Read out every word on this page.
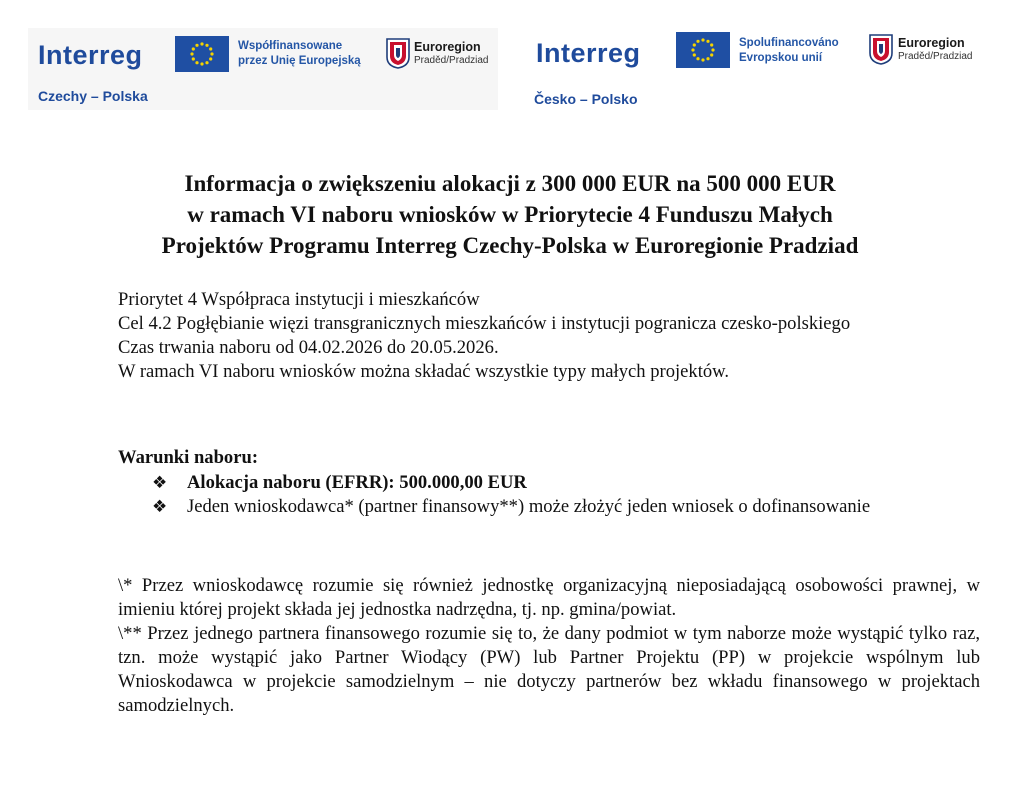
Interreg
Czechy – Polska
Współfinansowane
przez Unię Europejską
Euroregion
Praděd/Pradziad Interreg
Česko – Polsko
Spolufinancováno
Evropskou unií
Euroregion
Praděd/Pradziad
Informacja o zwiększeniu alokacji z 300 000 EUR na 500 000 EUR
w ramach VI naboru wniosków w Priorytecie 4 Funduszu Małych
Projektów Programu Interreg Czechy-Polska w Euroregionie Pradziad
Priorytet 4 Współpraca instytucji i mieszkańców
Cel 4.2 Pogłębianie więzi transgranicznych mieszkańców i instytucji pogranicza czesko-polskiego
Czas trwania naboru od 04.02.2026 do 20.05.2026.
W ramach VI naboru wniosków można składać wszystkie typy małych projektów.
Warunki naboru:
❖ Alokacja naboru (EFRR): 500.000,00 EUR
❖ Jeden wnioskodawca* (partner finansowy**) może złożyć jeden wniosek o dofinansowanie
\* Przez wnioskodawcę rozumie się również jednostkę organizacyjną nieposiadającą osobowości prawnej, w imieniu której projekt składa jej jednostka nadrzędna, tj. np. gmina/powiat.
\** Przez jednego partnera finansowego rozumie się to, że dany podmiot w tym naborze może wystąpić tylko raz, tzn. może wystąpić jako Partner Wiodący (PW) lub Partner Projektu (PP) w projekcie wspólnym lub Wnioskodawca w projekcie samodzielnym – nie dotyczy partnerów bez wkładu finansowego w projektach samodzielnych.
